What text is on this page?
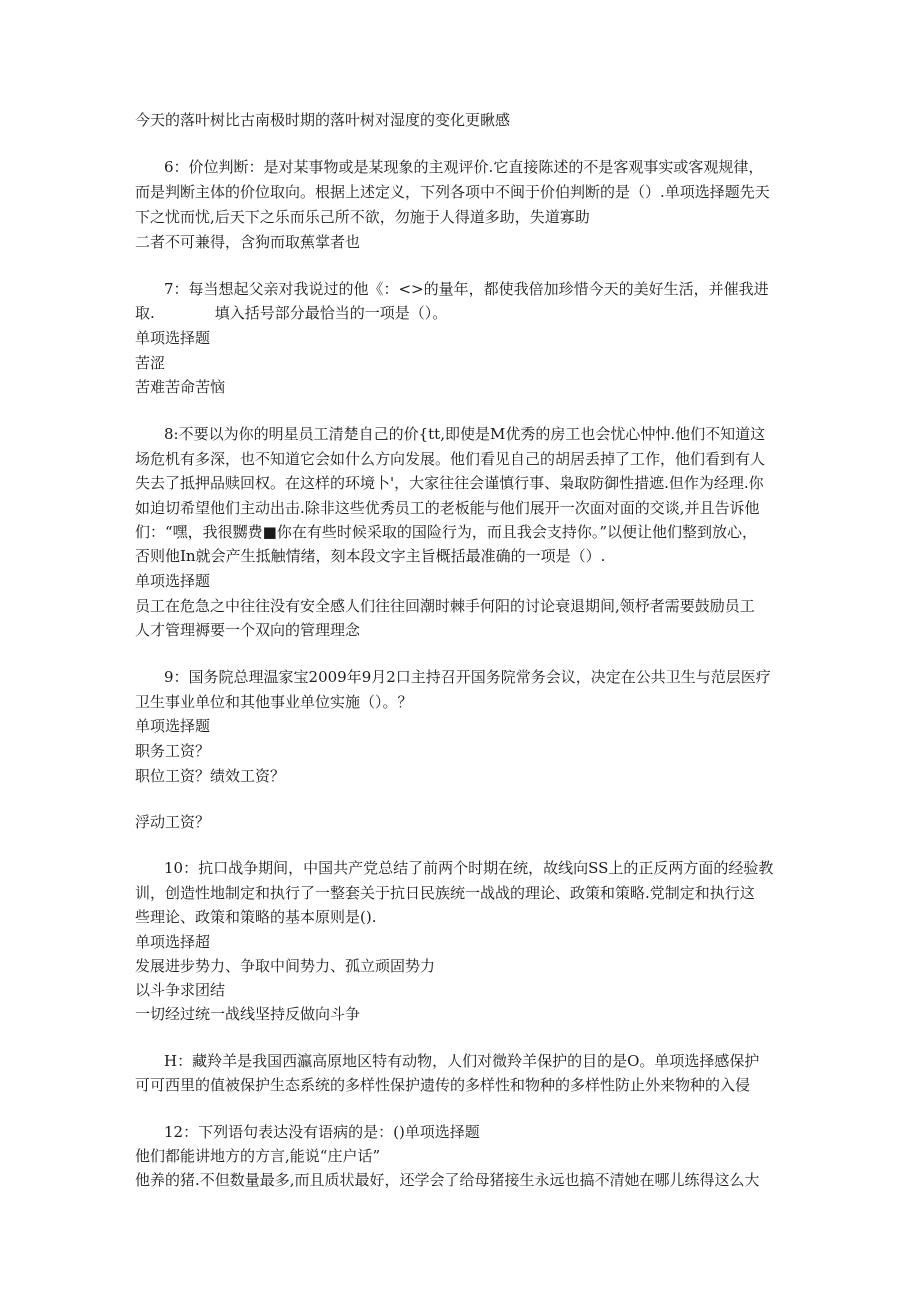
今天的落叶树比古南极时期的落叶树对湿度的变化更瞅感
6：价位判断：是对某事物或是某现象的主观评价.它直接陈述的不是客观事实或客观规律，
而是判断主体的价位取向。根据上述定义，下列各项中不闽于价伯判断的是（）.单项选择题先天
下之忧而忧,后天下之乐而乐己所不欲，勿施于人得道多助，失道寡助
二者不可兼得，含狗而取蕉掌者也
7：每当想起父亲对我说过的他《：<>的量年，都使我倍加珍惜今天的美好生活，并催我进
取.　　　　填入括号部分最恰当的一项是（）。
单项选择题
苦涩
苦难苦命苦恼
8:不要以为你的明星员工清楚自己的价{tt,即使是M优秀的房工也会忧心忡忡.他们不知道这
场危机有多深，也不知道它会如什么方向发展。他们看见自己的胡居丢掉了工作，他们看到有人
失去了抵押品赎回权。在这样的环境卜'，大家往往会谨慎行事、枭取防御性措遮.但作为经理.你
如迫切希望他们主动出击.除非这些优秀员工的老板能与他们展开一次面对面的交谈,并且告诉他
们：“嘿，我很嬲费■你在有些时候采取的国险行为，而且我会支持你。”以便让他们整到放心，
否则他In就会产生抵触情绪，刻本段文字主旨概括最准确的一项是（）.
单项选择题
员工在危急之中往往没有安全感人们往往回潮时棘手何阳的讨论衰退期间,领杼者需要鼓励员工
人才管理褥要一个双向的管理理念
9：国务院总理温家宝2009年9月2口主持召开国务院常务会议，决定在公共卫生与范层医疗
卫生事业单位和其他事业单位实施（）。？
单项选择题
职务工资？
职位工资？绩效工资？
浮动工资？
10：抗口战争期间，中国共产党总结了前两个时期在统，故线向SS上的正反两方面的经验教
训，创造性地制定和执行了一整套关于抗日民族统一战战的理论、政策和策略.党制定和执行这
些理论、政策和策略的基本原则是().
单项选择超
发展进步势力、争取中间势力、孤立顽固势力
以斗争求团结
一切经过统一战线坚持反做向斗争
H：藏羚羊是我国西瀛高原地区特有动物，人们对微羚羊保护的目的是O。单项选择感保护
可可西里的值被保护生态系统的多样性保护遗传的多样性和物种的多样性防止外来物种的入侵
12：下列语句表达没有语病的是：()单项选择题
他们都能讲地方的方言,能说“庄户话”
他养的猪.不但数量最多,而且质状最好，还学会了给母猪接生永远也搞不清她在哪儿练得这么大
